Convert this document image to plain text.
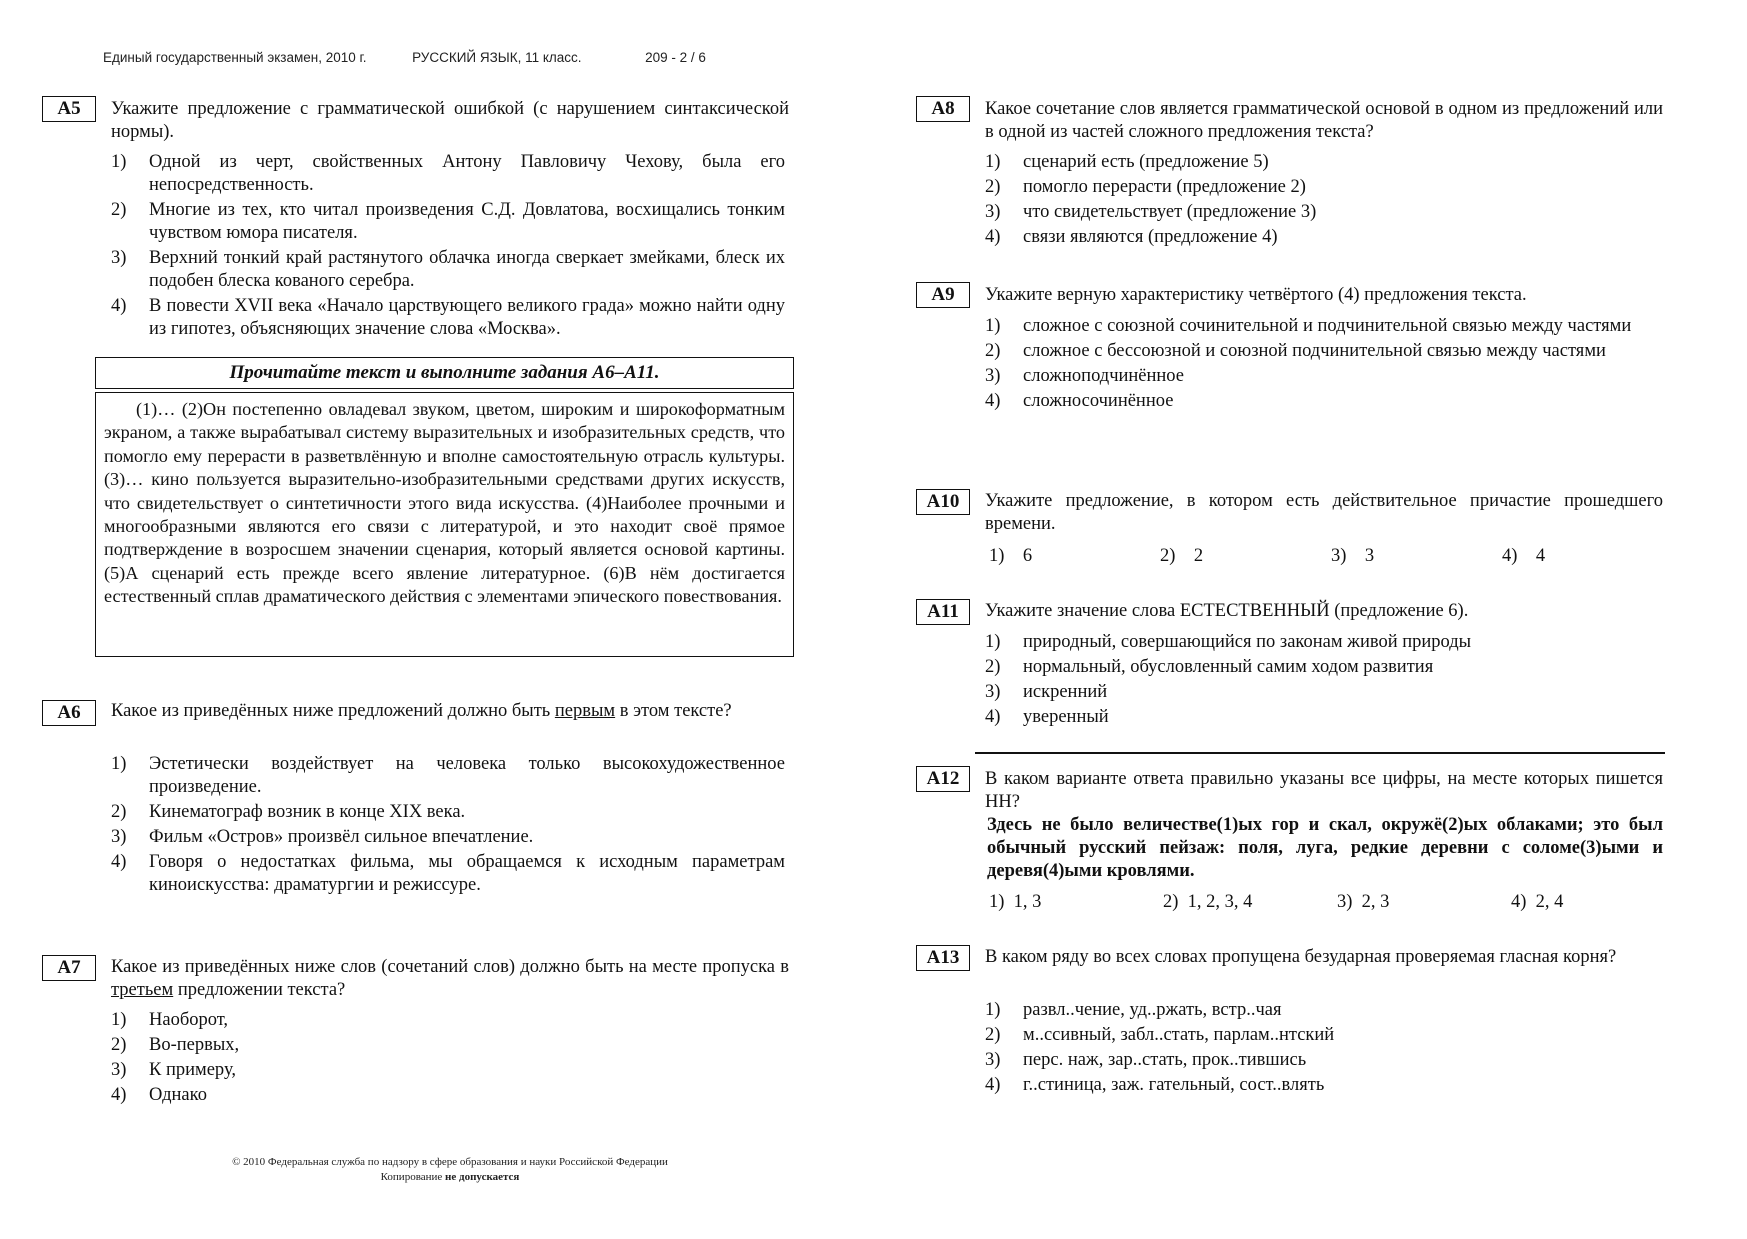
Единый государственный экзамен, 2010 г.	РУССКИЙ ЯЗЫК, 11 класс.	209 - 2 / 6
A5	Укажите предложение с грамматической ошибкой (с нарушением синтаксической нормы).
1)	Одной из черт, свойственных Антону Павловичу Чехову, была его непосредственность.
2)	Многие из тех, кто читал произведения С.Д. Довлатова, восхищались тонким чувством юмора писателя.
3)	Верхний тонкий край растянутого облачка иногда сверкает змейками, блеск их подобен блеска кованого серебра.
4)	В повести XVII века «Начало царствующего великого града» можно найти одну из гипотез, объясняющих значение слова «Москва».
Прочитайте текст и выполните задания А6–А11.
(1)… (2)Он постепенно овладевал звуком, цветом, широким и широкоформатным экраном, а также вырабатывал систему выразительных и изобразительных средств, что помогло ему перерасти в разветвлённую и вполне самостоятельную отрасль культуры. (3)… кино пользуется выразительно-изобразительными средствами других искусств, что свидетельствует о синтетичности этого вида искусства. (4)Наиболее прочными и многообразными являются его связи с литературой, и это находит своё прямое подтверждение в возросшем значении сценария, который является основой картины. (5)А сценарий есть прежде всего явление литературное. (6)В нём достигается естественный сплав драматического действия с элементами эпического повествования.
A6	Какое из приведённых ниже предложений должно быть первым в этом тексте?
1)	Эстетически воздействует на человека только высокохудожественное произведение.
2)	Кинематограф возник в конце XIX века.
3)	Фильм «Остров» произвёл сильное впечатление.
4)	Говоря о недостатках фильма, мы обращаемся к исходным параметрам киноискусства: драматургии и режиссуре.
A7	Какое из приведённых ниже слов (сочетаний слов) должно быть на месте пропуска в третьем предложении текста?
1)	Наоборот,
2)	Во-первых,
3)	К примеру,
4)	Однако
A8	Какое сочетание слов является грамматической основой в одном из предложений или в одной из частей сложного предложения текста?
1)	сценарий есть (предложение 5)
2)	помогло перерасти (предложение 2)
3)	что свидетельствует (предложение 3)
4)	связи являются (предложение 4)
A9	Укажите верную характеристику четвёртого (4) предложения текста.
1)	сложное с союзной сочинительной и подчинительной связью между частями
2)	сложное с бессоюзной и союзной подчинительной связью между частями
3)	сложноподчинённое
4)	сложносочинённое
A10	Укажите предложение, в котором есть действительное причастие прошедшего времени.
1) 6	2) 2	3) 3	4) 4
A11	Укажите значение слова ЕСТЕСТВЕННЫЙ (предложение 6).
1)	природный, совершающийся по законам живой природы
2)	нормальный, обусловленный самим ходом развития
3)	искренний
4)	уверенный
A12	В каком варианте ответа правильно указаны все цифры, на месте которых пишется НН?
Здесь не было величестве(1)ых гор и скал, окружё(2)ых облаками; это был обычный русский пейзаж: поля, луга, редкие деревни с соломе(3)ыми и деревя(4)ыми кровлями.
1) 1, 3	2) 1, 2, 3, 4	3) 2, 3	4) 2, 4
A13	В каком ряду во всех словах пропущена безударная проверяемая гласная корня?
1)	развл..чение, уд..ржать, встр..чая
2)	м..ссивный, забл..стать, парлам..нтский
3)	перс. наж, зар..стать, прок..тившись
4)	г..стиница, заж. гательный, сост..влять
© 2010 Федеральная служба по надзору в сфере образования и науки Российской Федерации
Копирование не допускается
